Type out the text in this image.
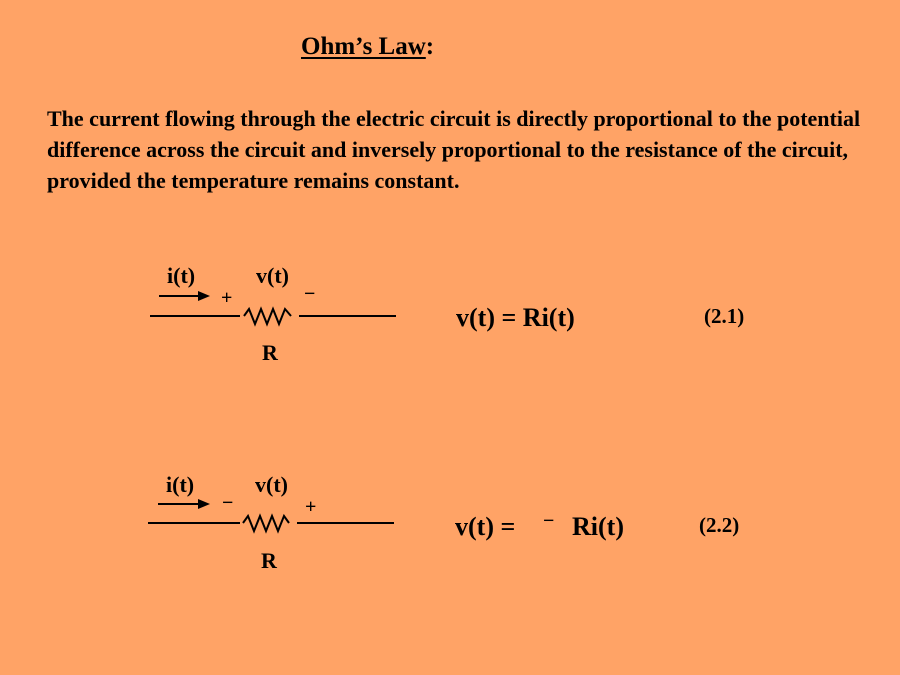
Ohm’s Law:
The current flowing through the electric circuit is directly proportional to the potential difference across the circuit and inversely proportional to the resistance of the circuit, provided the temperature remains constant.
i(t)	v(t)
+	−
R
v(t) = Ri(t)	(2.1)
i(t)	v(t)
−	+
R
v(t) = − Ri(t)	(2.2)
